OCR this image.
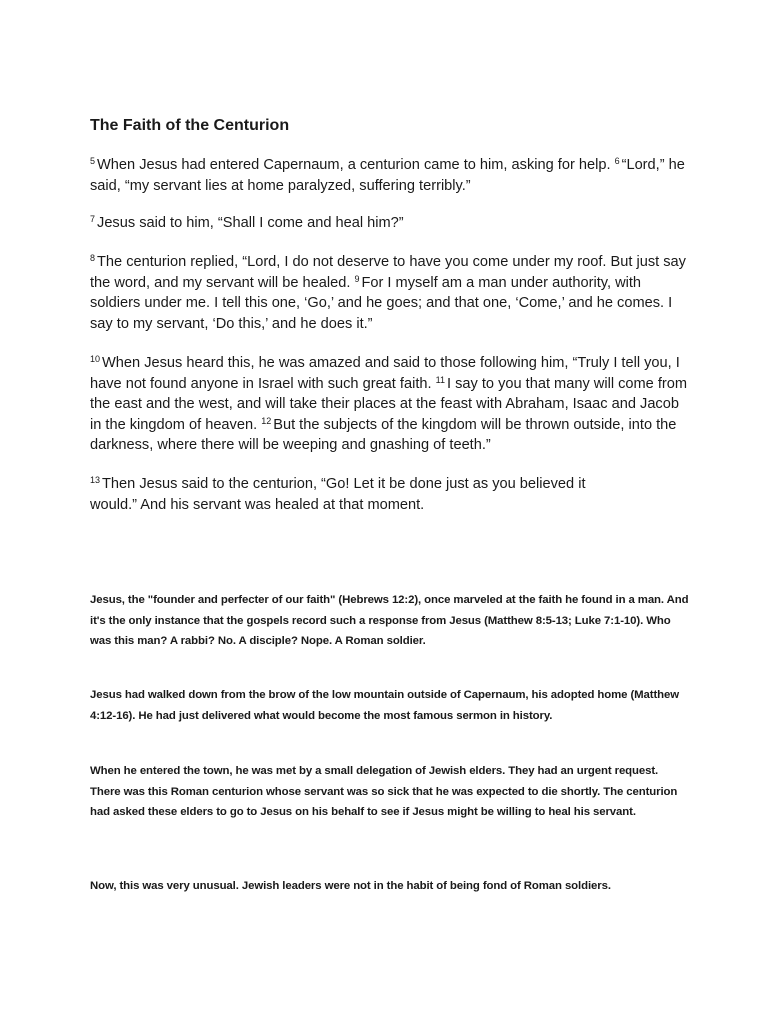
The Faith of the Centurion

$^5$ When Jesus had entered Capernaum, a centurion came to him, asking for help. $^6$ “Lord,” he said, “my servant lies at home paralyzed, suffering terribly.”

$^7$ Jesus said to him, “Shall I come and heal him?”

$^8$ The centurion replied, “Lord, I do not deserve to have you come under my roof. But just say the word, and my servant will be healed. $^9$ For I myself am a man under authority, with soldiers under me. I tell this one, ‘Go,’ and he goes; and that one, ‘Come,’ and he comes. I say to my servant, ‘Do this,’ and he does it.”

$^{10}$ When Jesus heard this, he was amazed and said to those following him, “Truly I tell you, I have not found anyone in Israel with such great faith. $^{11}$ I say to you that many will come from the east and the west, and will take their places at the feast with Abraham, Isaac and Jacob in the kingdom of heaven. $^{12}$ But the subjects of the kingdom will be thrown outside, into the darkness, where there will be weeping and gnashing of teeth.”

$^{13}$ Then Jesus said to the centurion, “Go! Let it be done just as you believed it would.” And his servant was healed at that moment.

Jesus, the "founder and perfecter of our faith" (Hebrews 12:2), once marveled at the faith he found in a man. And it's the only instance that the gospels record such a response from Jesus (Matthew 8:5-13; Luke 7:1-10). Who was this man? A rabbi? No. A disciple? Nope. A Roman soldier.

Jesus had walked down from the brow of the low mountain outside of Capernaum, his adopted home (Matthew 4:12-16). He had just delivered what would become the most famous sermon in history.

When he entered the town, he was met by a small delegation of Jewish elders. They had an urgent request. There was this Roman centurion whose servant was so sick that he was expected to die shortly. The centurion had asked these elders to go to Jesus on his behalf to see if Jesus might be willing to heal his servant.

Now, this was very unusual. Jewish leaders were not in the habit of being fond of Roman soldiers.
